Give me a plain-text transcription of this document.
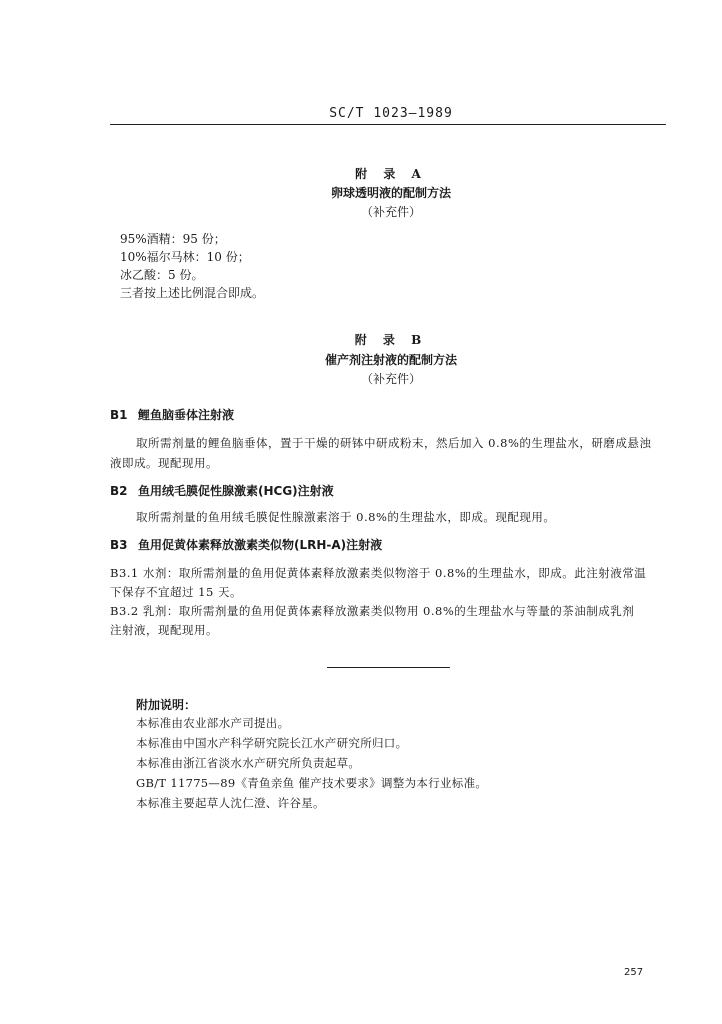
SC/T 1023—1989
附 录 A
卵球透明液的配制方法
（补充件）
95%酒精：95 份；
10%福尔马林：10 份；
冰乙酸：5 份。
三者按上述比例混合即成。
附 录 B
催产剂注射液的配制方法
（补充件）
B1 鲤鱼脑垂体注射液
取所需剂量的鲤鱼脑垂体，置于干燥的研钵中研成粉末，然后加入 0.8%的生理盐水，研磨成悬浊
液即成。现配现用。
B2 鱼用绒毛膜促性腺激素(HCG)注射液
取所需剂量的鱼用绒毛膜促性腺激素溶于 0.8%的生理盐水，即成。现配现用。
B3 鱼用促黄体素释放激素类似物(LRH-A)注射液
B3.1 水剂：取所需剂量的鱼用促黄体素释放激素类似物溶于 0.8%的生理盐水，即成。此注射液常温
下保存不宜超过 15 天。
B3.2 乳剂：取所需剂量的鱼用促黄体素释放激素类似物用 0.8%的生理盐水与等量的茶油制成乳剂
注射液，现配现用。
附加说明：
本标准由农业部水产司提出。
本标准由中国水产科学研究院长江水产研究所归口。
本标准由浙江省淡水水产研究所负责起草。
GB/T 11775—89《青鱼亲鱼 催产技术要求》调整为本行业标准。
本标准主要起草人沈仁澄、许谷星。
257
